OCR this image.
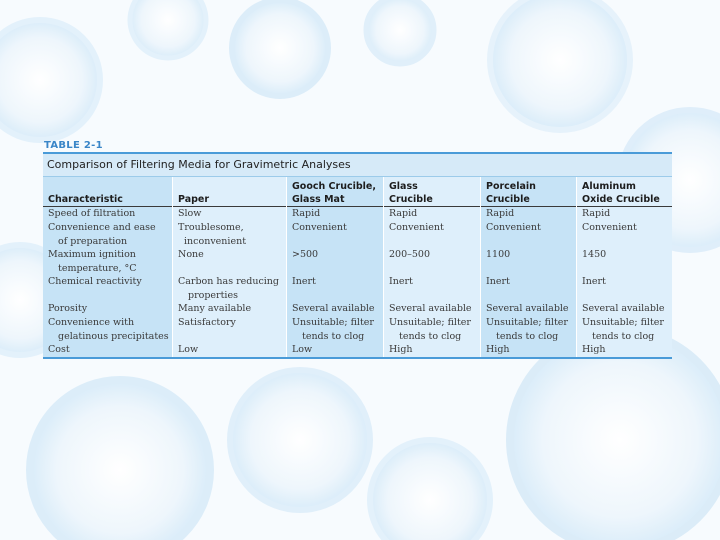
TABLE 2-1
Comparison of Filtering Media for Gravimetric Analyses

Characteristic
Speed of filtration
Convenience and ease
of preparation
Maximum ignition
temperature, °C
Chemical reactivity
Porosity
Convenience with
gelatinous precipitates
Cost

Paper
Slow
Troublesome,
inconvenient
None
Carbon has reducing
properties
Many available
Satisfactory
Low
Gooch Crucible,
Glass Mat
Rapid
Convenient
>500
Inert
Several available
Unsuitable; filter
tends to clog
Low
Glass
Crucible
Rapid
Convenient
200–500
Inert
Several available
Unsuitable; filter
tends to clog
High
Porcelain
Crucible
Rapid
Convenient
1100
Inert
Several available
Unsuitable; filter
tends to clog
High
Aluminum
Oxide Crucible
Rapid
Convenient
1450
Inert
Several available
Unsuitable; filter
tends to clog
High
